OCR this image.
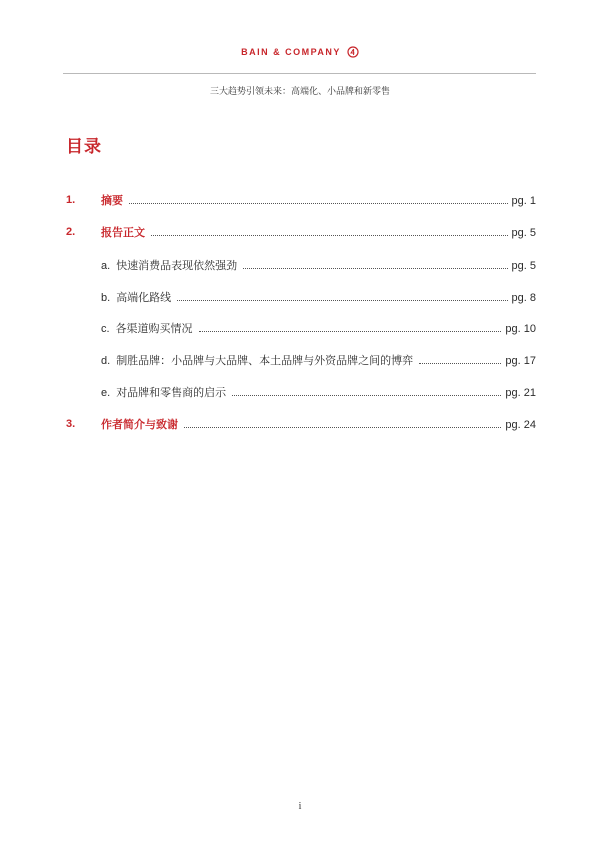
BAIN & COMPANY
三大趋势引领未来：高端化、小品牌和新零售
目录
1. 摘要	pg. 1
2. 报告正文	pg. 5
a. 快速消费品表现依然强劲	pg. 5
b. 高端化路线	pg. 8
c. 各渠道购买情况	pg. 10
d. 制胜品牌：小品牌与大品牌、本土品牌与外资品牌之间的博弈	pg. 17
e. 对品牌和零售商的启示	pg. 21
3. 作者简介与致谢	pg. 24
i
